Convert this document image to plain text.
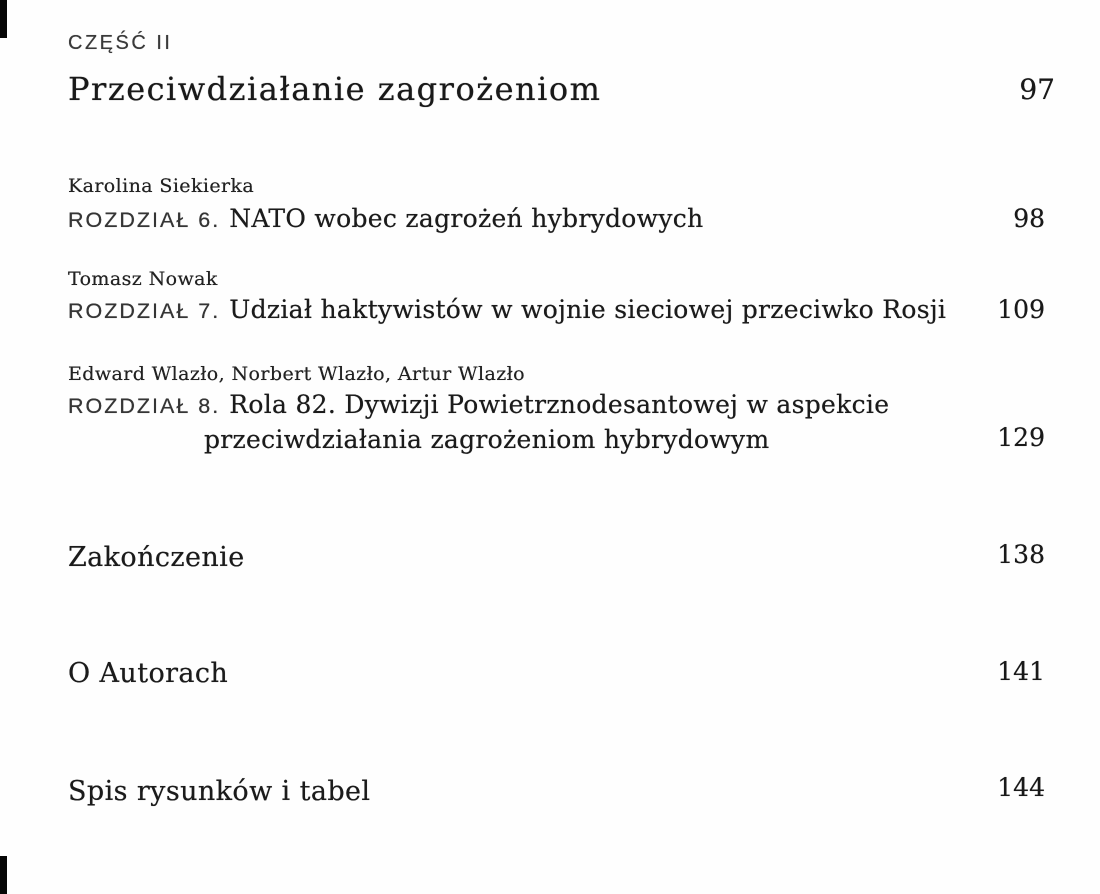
CZĘŚĆ II
Przeciwdziałanie zagrożeniom	97
Karolina Siekierka
ROZDZIAŁ 6. NATO wobec zagrożeń hybrydowych	98
Tomasz Nowak
ROZDZIAŁ 7. Udział haktywistów w wojnie sieciowej przeciwko Rosji	109
Edward Wlazło, Norbert Wlazło, Artur Wlazło
ROZDZIAŁ 8. Rola 82. Dywizji Powietrznodesantowej w aspekcie
przeciwdziałania zagrożeniom hybrydowym	129
Zakończenie	138
O Autorach	141
Spis rysunków i tabel	144
